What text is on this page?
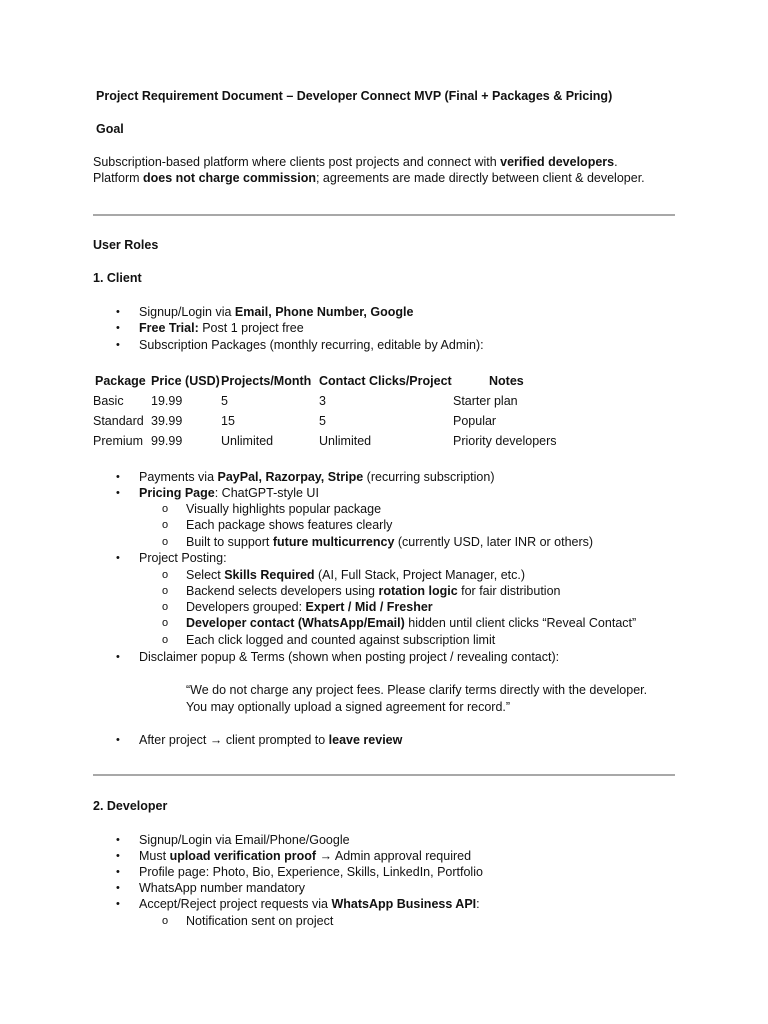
Project Requirement Document – Developer Connect MVP (Final + Packages & Pricing)
Goal
Subscription-based platform where clients post projects and connect with verified developers.
Platform does not charge commission; agreements are made directly between client & developer.
User Roles
1. Client
•	Signup/Login via Email, Phone Number, Google
•	Free Trial: Post 1 project free
•	Subscription Packages (monthly recurring, editable by Admin):
Package	Price (USD)	Projects/Month	Contact Clicks/Project	Notes
Basic	19.99	5	3	Starter plan
Standard	39.99	15	5	Popular
Premium	99.99	Unlimited	Unlimited	Priority developers
•	Payments via PayPal, Razorpay, Stripe (recurring subscription)
•	Pricing Page: ChatGPT-style UI
o	Visually highlights popular package
o	Each package shows features clearly
o	Built to support future multicurrency (currently USD, later INR or others)
•	Project Posting:
o	Select Skills Required (AI, Full Stack, Project Manager, etc.)
o	Backend selects developers using rotation logic for fair distribution
o	Developers grouped: Expert / Mid / Fresher
o	Developer contact (WhatsApp/Email) hidden until client clicks “Reveal Contact”
o	Each click logged and counted against subscription limit
•	Disclaimer popup & Terms (shown when posting project / revealing contact):
“We do not charge any project fees. Please clarify terms directly with the developer.
You may optionally upload a signed agreement for record.”
•	After project → client prompted to leave review
2. Developer
•	Signup/Login via Email/Phone/Google
•	Must upload verification proof → Admin approval required
•	Profile page: Photo, Bio, Experience, Skills, LinkedIn, Portfolio
•	WhatsApp number mandatory
•	Accept/Reject project requests via WhatsApp Business API:
o	Notification sent on project
